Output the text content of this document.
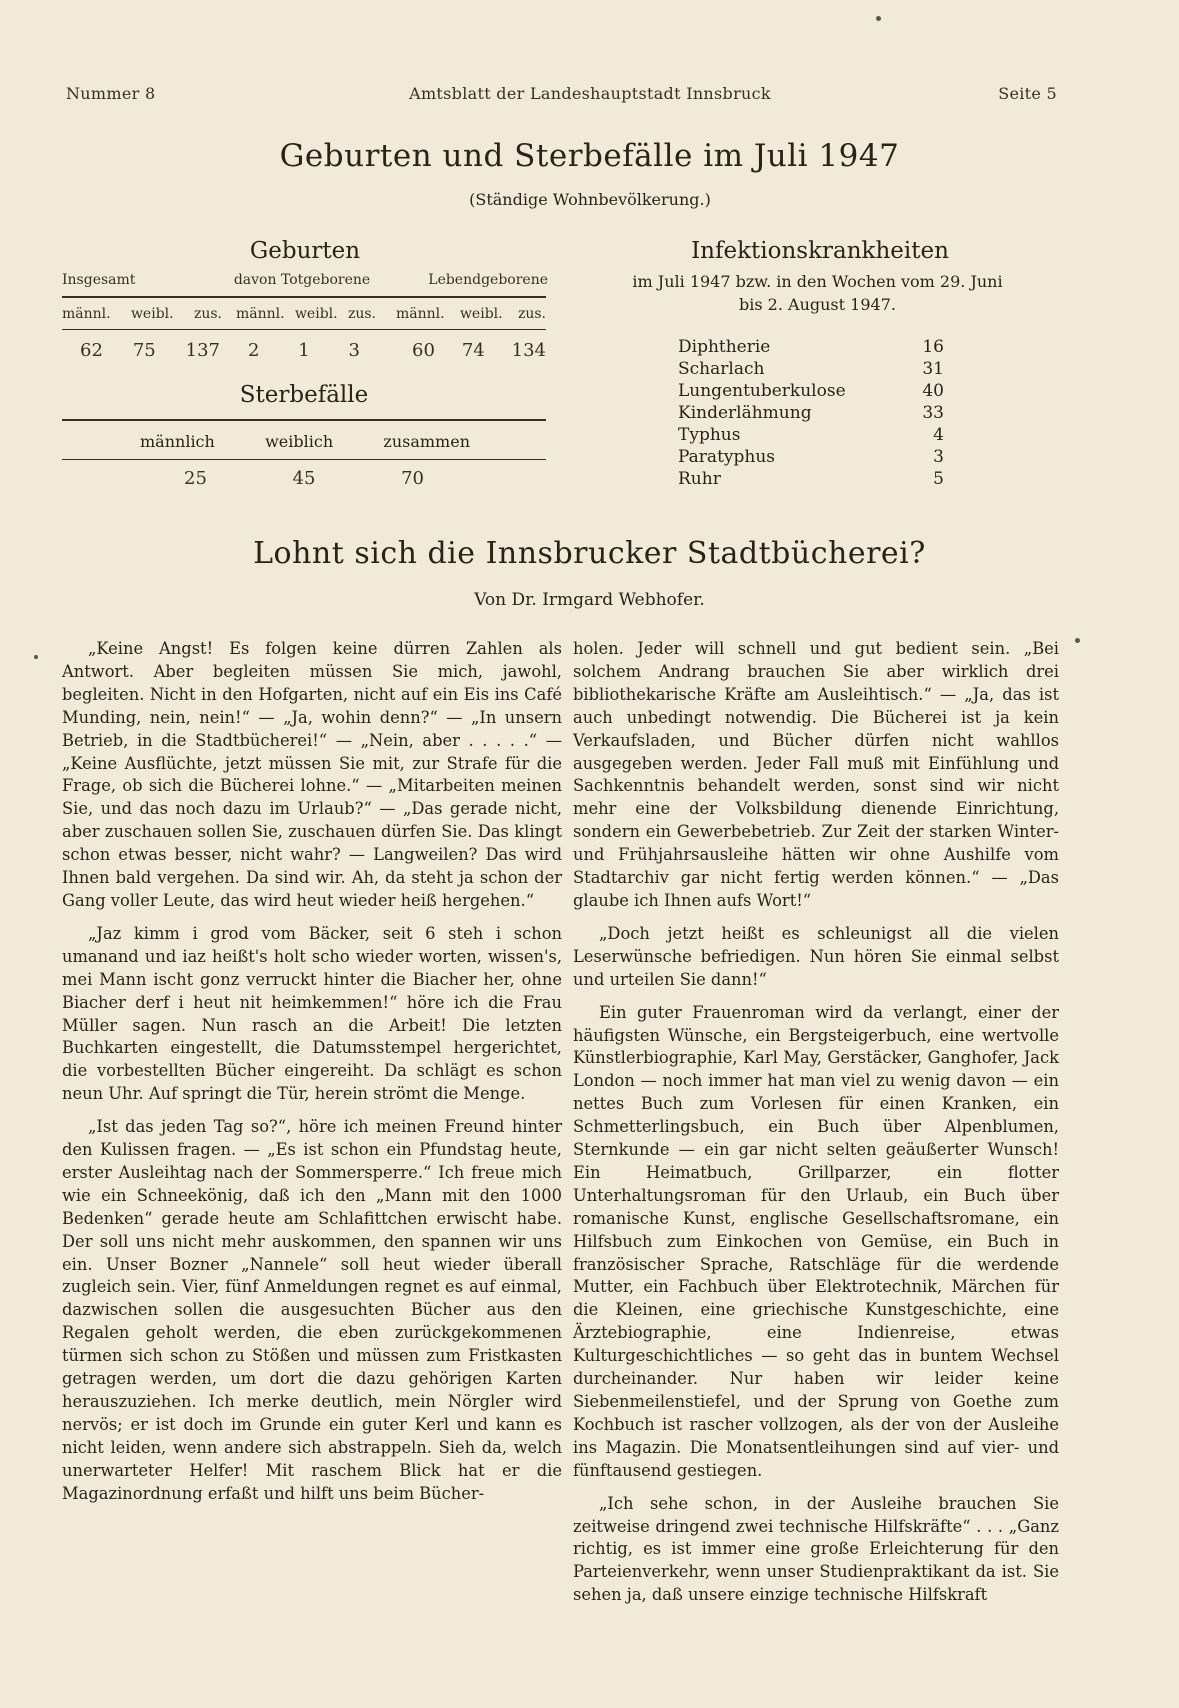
Nummer 8	Amtsblatt der Landeshauptstadt Innsbruck	Seite 5
Geburten und Sterbefälle im Juli 1947
(Ständige Wohnbevölkerung.)
Geburten
Insgesamt	davon Totgeborene	Lebendgeborene
männl. weibl. zus. männl. weibl. zus. männl. weibl. zus.
62 75 137 2 1 3	60 74 134
Sterbefälle
männlich	weiblich	zusammen
25	45	70
Infektionskrankheiten
im Juli 1947 bzw. in den Wochen vom 29. Juni bis 2. August 1947.
Diphtherie	16
Scharlach	31
Lungentuberkulose	40
Kinderlähmung	33
Typhus	4
Paratyphus	3
Ruhr	5
Lohnt sich die Innsbrucker Stadtbücherei?
Von Dr. Irmgard Webhofer.

„Keine Angst! Es folgen keine dürren Zahlen als Antwort. Aber begleiten müssen Sie mich, jawohl, begleiten. Nicht in den Hofgarten, nicht auf ein Eis ins Café Munding, nein, nein!“ — „Ja, wohin denn?“ — „In unsern Betrieb, in die Stadtbücherei!“ — „Nein, aber . . . . .“ — „Keine Ausflüchte, jetzt müssen Sie mit, zur Strafe für die Frage, ob sich die Bücherei lohne.“ — „Mitarbeiten meinen Sie, und das noch dazu im Urlaub?“ — „Das gerade nicht, aber zuschauen sollen Sie, zuschauen dürfen Sie. Das klingt schon etwas besser, nicht wahr? — Langweilen? Das wird Ihnen bald vergehen. Da sind wir. Ah, da steht ja schon der Gang voller Leute, das wird heut wieder heiß hergehen.“

„Jaz kimm i grod vom Bäcker, seit 6 steh i schon umanand und iaz heißt's holt scho wieder worten, wissen's, mei Mann ischt gonz verruckt hinter die Biacher her, ohne Biacher derf i heut nit heimkemmen!“ höre ich die Frau Müller sagen. Nun rasch an die Arbeit! Die letzten Buchkarten eingestellt, die Datumsstempel hergerichtet, die vorbestellten Bücher eingereiht. Da schlägt es schon neun Uhr. Auf springt die Tür, herein strömt die Menge.

„Ist das jeden Tag so?“, höre ich meinen Freund hinter den Kulissen fragen. — „Es ist schon ein Pfundstag heute, erster Ausleihtag nach der Sommersperre.“ Ich freue mich wie ein Schneekönig, daß ich den „Mann mit den 1000 Bedenken“ gerade heute am Schlafittchen erwischt habe. Der soll uns nicht mehr auskommen, den spannen wir uns ein. Unser Bozner „Nannele“ soll heut wieder überall zugleich sein. Vier, fünf Anmeldungen regnet es auf einmal, dazwischen sollen die ausgesuchten Bücher aus den Regalen geholt werden, die eben zurückgekommenen türmen sich schon zu Stößen und müssen zum Fristkasten getragen werden, um dort die dazu gehörigen Karten herauszuziehen. Ich merke deutlich, mein Nörgler wird nervös; er ist doch im Grunde ein guter Kerl und kann es nicht leiden, wenn andere sich abstrappeln. Sieh da, welch unerwarteter Helfer! Mit raschem Blick hat er die Magazinordnung erfaßt und hilft uns beim Bücher-

holen. Jeder will schnell und gut bedient sein. „Bei solchem Andrang brauchen Sie aber wirklich drei bibliothekarische Kräfte am Ausleihtisch.“ — „Ja, das ist auch unbedingt notwendig. Die Bücherei ist ja kein Verkaufsladen, und Bücher dürfen nicht wahllos ausgegeben werden. Jeder Fall muß mit Einfühlung und Sachkenntnis behandelt werden, sonst sind wir nicht mehr eine der Volksbildung dienende Einrichtung, sondern ein Gewerbebetrieb. Zur Zeit der starken Winter- und Frühjahrsausleihe hätten wir ohne Aushilfe vom Stadtarchiv gar nicht fertig werden können.“ — „Das glaube ich Ihnen aufs Wort!“

„Doch jetzt heißt es schleunigst all die vielen Leserwünsche befriedigen. Nun hören Sie einmal selbst und urteilen Sie dann!“

Ein guter Frauenroman wird da verlangt, einer der häufigsten Wünsche, ein Bergsteigerbuch, eine wertvolle Künstlerbiographie, Karl May, Gerstäcker, Ganghofer, Jack London — noch immer hat man viel zu wenig davon — ein nettes Buch zum Vorlesen für einen Kranken, ein Schmetterlingsbuch, ein Buch über Alpenblumen, Sternkunde — ein gar nicht selten geäußerter Wunsch! Ein Heimatbuch, Grillparzer, ein flotter Unterhaltungsroman für den Urlaub, ein Buch über romanische Kunst, englische Gesellschaftsromane, ein Hilfsbuch zum Einkochen von Gemüse, ein Buch in französischer Sprache, Ratschläge für die werdende Mutter, ein Fachbuch über Elektrotechnik, Märchen für die Kleinen, eine griechische Kunstgeschichte, eine Ärztebiographie, eine Indienreise, etwas Kulturgeschichtliches — so geht das in buntem Wechsel durcheinander. Nur haben wir leider keine Siebenmeilenstiefel, und der Sprung von Goethe zum Kochbuch ist rascher vollzogen, als der von der Ausleihe ins Magazin. Die Monatsentleihungen sind auf vier- und fünftausend gestiegen.

„Ich sehe schon, in der Ausleihe brauchen Sie zeitweise dringend zwei technische Hilfskräfte“ . . . „Ganz richtig, es ist immer eine große Erleichterung für den Parteienverkehr, wenn unser Studienpraktikant da ist. Sie sehen ja, daß unsere einzige technische Hilfskraft
